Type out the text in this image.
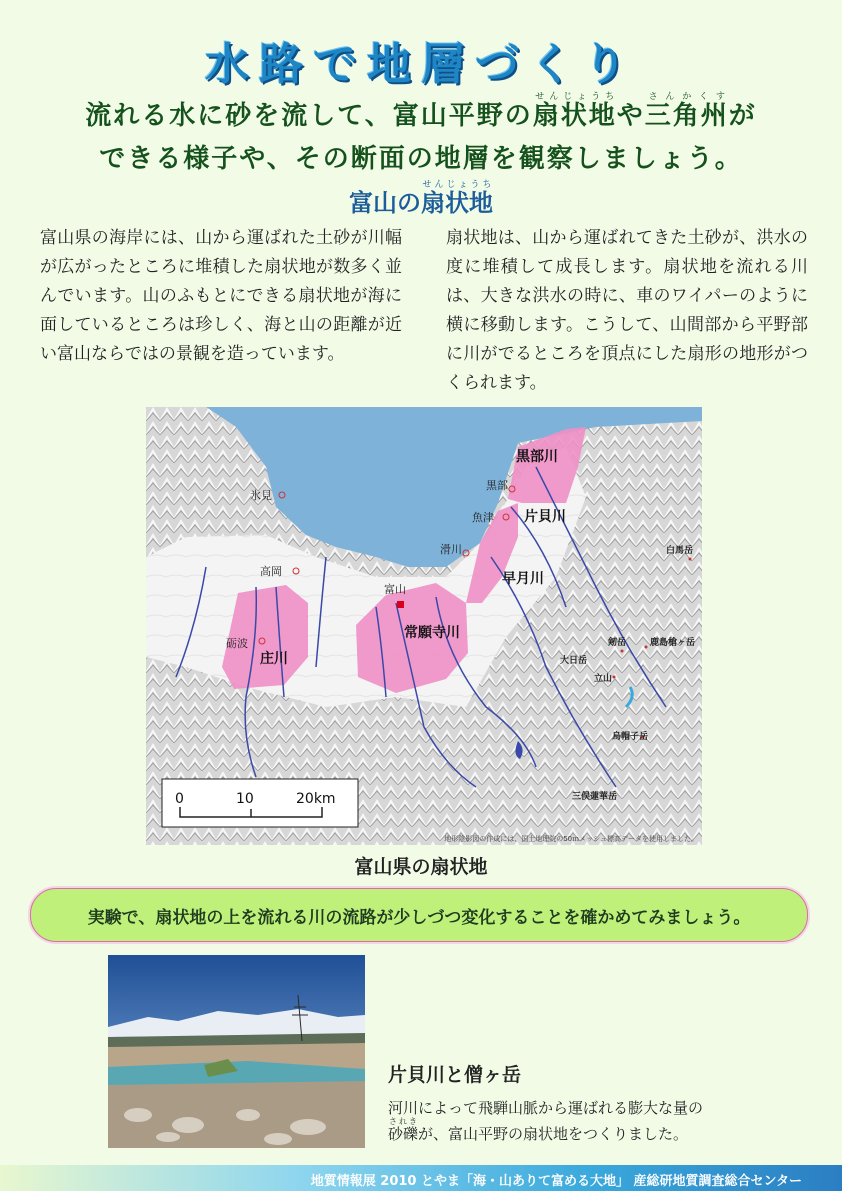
水路で地層づくり
流れる水に砂を流して、富山平野の扇状地せんじょうちや三角州さんかくすが
できる様子や、その断面の地層を観察しましょう。
富山の扇状地せんじょうち
富山県の海岸には、山から運ばれた土砂が川幅が広がったところに堆積した扇状地が数多く並んでいます。山のふもとにできる扇状地が海に面しているところは珍しく、海と山の距離が近い富山ならではの景観を造っています。
扇状地は、山から運ばれてきた土砂が、洪水の度に堆積して成長します。扇状地を流れる川は、大きな洪水の時に、車のワイパーのように横に移動します。こうして、山間部から平野部に川がでるところを頂点にした扇形の地形がつくられます。
氷見
高岡
砺波
富山
滑川
魚津
黒部
庄川
常願寺川
早月川
片貝川
黒部川
白馬岳
剱岳	鹿島槍ヶ岳
大日岳
立山
烏帽子岳
三俣蓮華岳
0	10	20km
地形陰影図の作成には、国土地理院の50ｍメッシュ標高データを使用しました。
富山県の扇状地
実験で、扇状地の上を流れる川の流路が少しづつ変化することを確かめてみましょう。
片貝川と僧ヶ岳
河川によって飛騨山脈から運ばれる膨大な量の
砂礫されきが、富山平野の扇状地をつくりました。
地質情報展 2010 とやま「海・山ありて富める大地」 産総研地質調査総合センター
